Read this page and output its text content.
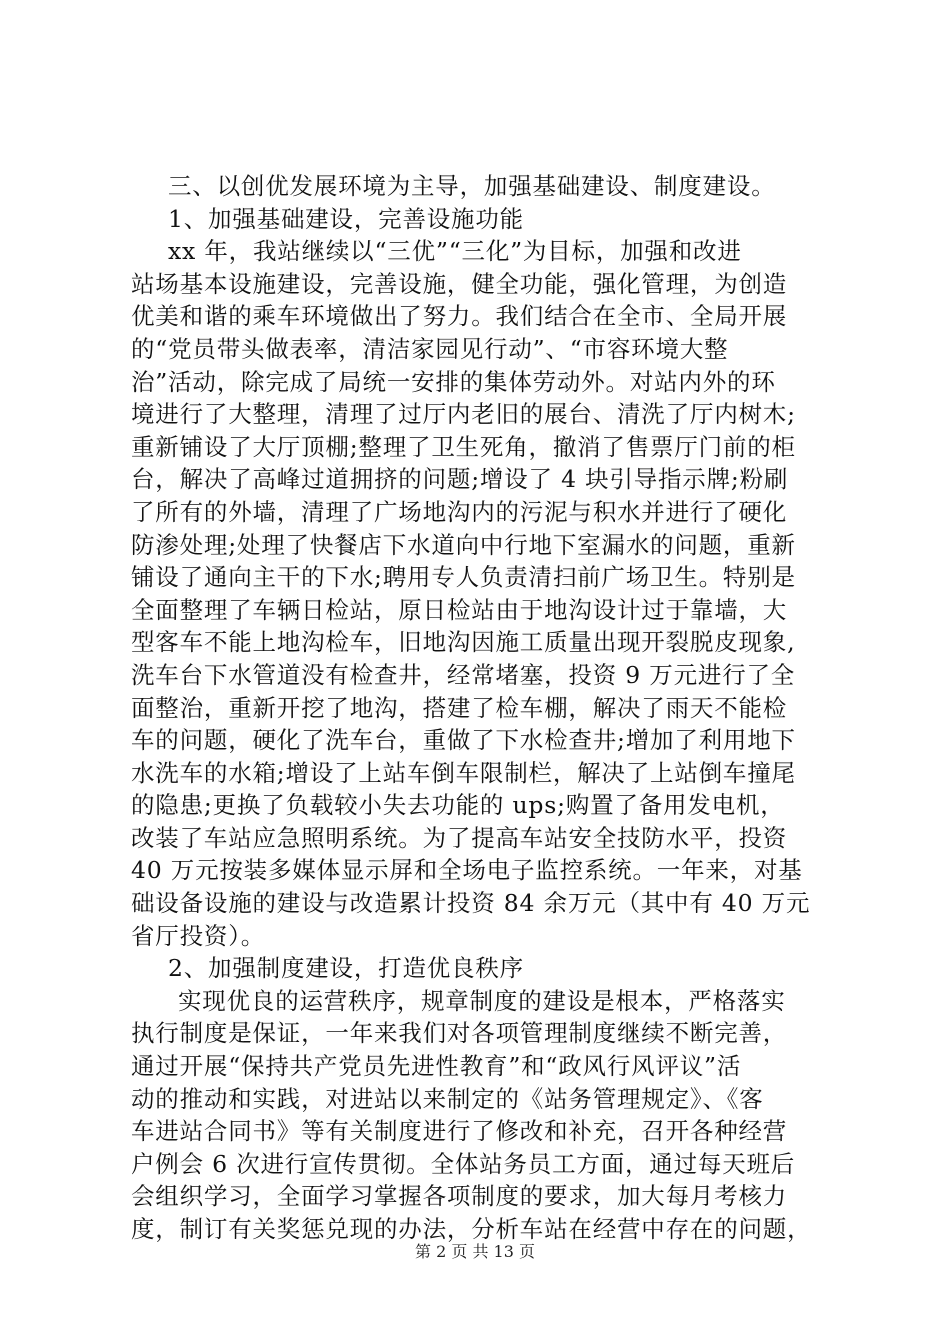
三、以创优发展环境为主导，加强基础建设、制度建设。
1、加强基础建设，完善设施功能
xx 年，我站继续以“三优”“三化”为目标，加强和改进
站场基本设施建设，完善设施，健全功能，强化管理，为创造
优美和谐的乘车环境做出了努力。我们结合在全市、全局开展
的“党员带头做表率，清洁家园见行动”、“市容环境大整
治”活动，除完成了局统一安排的集体劳动外。对站内外的环
境进行了大整理，清理了过厅内老旧的展台、清洗了厅内树木;
重新铺设了大厅顶棚;整理了卫生死角，撤消了售票厅门前的柜
台，解决了高峰过道拥挤的问题;增设了 4 块引导指示牌;粉刷
了所有的外墙，清理了广场地沟内的污泥与积水并进行了硬化
防渗处理;处理了快餐店下水道向中行地下室漏水的问题，重新
铺设了通向主干的下水;聘用专人负责清扫前广场卫生。特别是
全面整理了车辆日检站，原日检站由于地沟设计过于靠墙，大
型客车不能上地沟检车，旧地沟因施工质量出现开裂脱皮现象,
洗车台下水管道没有检查井，经常堵塞，投资 9 万元进行了全
面整治，重新开挖了地沟，搭建了检车棚，解决了雨天不能检
车的问题，硬化了洗车台，重做了下水检查井;增加了利用地下
水洗车的水箱;增设了上站车倒车限制栏，解决了上站倒车撞尾
的隐患;更换了负载较小失去功能的 ups;购置了备用发电机，
改装了车站应急照明系统。为了提高车站安全技防水平，投资
40 万元按装多媒体显示屏和全场电子监控系统。一年来，对基
础设备设施的建设与改造累计投资 84 余万元（其中有 40 万元
省厅投资）。
2、加强制度建设，打造优良秩序
实现优良的运营秩序，规章制度的建设是根本，严格落实
执行制度是保证，一年来我们对各项管理制度继续不断完善，
通过开展“保持共产党员先进性教育”和“政风行风评议”活
动的推动和实践，对进站以来制定的《站务管理规定》、《客
车进站合同书》等有关制度进行了修改和补充，召开各种经营
户例会 6 次进行宣传贯彻。全体站务员工方面，通过每天班后
会组织学习，全面学习掌握各项制度的要求，加大每月考核力
度，制订有关奖惩兑现的办法，分析车站在经营中存在的问题，
第 2 页 共 13 页
